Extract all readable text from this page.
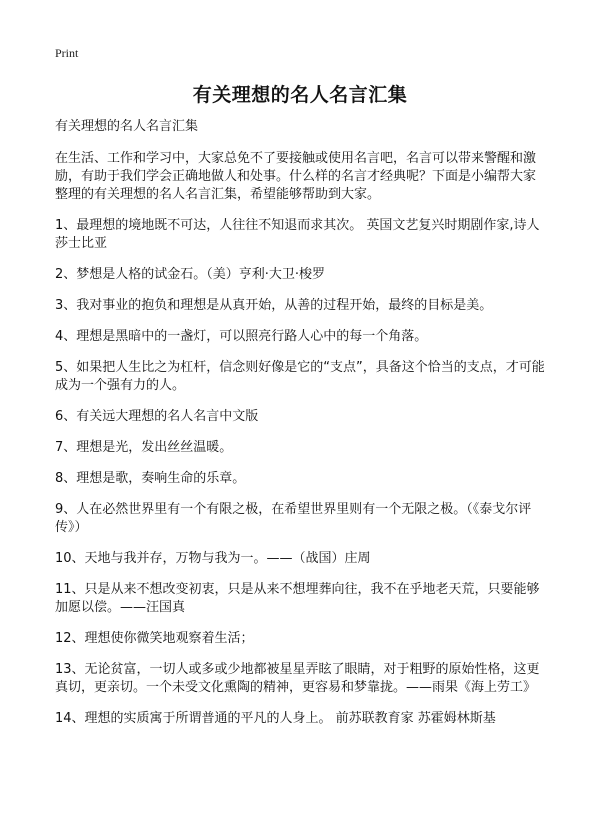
Print
有关理想的名人名言汇集
有关理想的名人名言汇集

在生活、工作和学习中，大家总免不了要接触或使用名言吧，名言可以带来警醒和激励，有助于我们学会正确地做人和处事。什么样的名言才经典呢？下面是小编帮大家整理的有关理想的名人名言汇集，希望能够帮助到大家。

1、最理想的境地既不可达，人往往不知退而求其次。 英国文艺复兴时期剧作家,诗人 莎士比亚

2、梦想是人格的试金石。（美）亨利·大卫·梭罗

3、我对事业的抱负和理想是从真开始，从善的过程开始，最终的目标是美。

4、理想是黑暗中的一盏灯，可以照亮行路人心中的每一个角落。

5、如果把人生比之为杠杆，信念则好像是它的“支点”，具备这个恰当的支点，才可能成为一个强有力的人。

6、有关远大理想的名人名言中文版

7、理想是光，发出丝丝温暖。

8、理想是歌，奏响生命的乐章。

9、人在必然世界里有一个有限之极，在希望世界里则有一个无限之极。（《泰戈尔评传》）

10、天地与我并存，万物与我为一。——（战国）庄周

11、只是从来不想改变初衷，只是从来不想埋葬向往，我不在乎地老天荒，只要能够加愿以偿。——汪国真

12、理想使你微笑地观察着生活；

13、无论贫富，一切人或多或少地都被星星弄眩了眼睛，对于粗野的原始性格，这更真切，更亲切。一个未受文化熏陶的精神，更容易和梦靠拢。——雨果《海上劳工》

14、理想的实质寓于所谓普通的平凡的人身上。 前苏联教育家 苏霍姆林斯基
